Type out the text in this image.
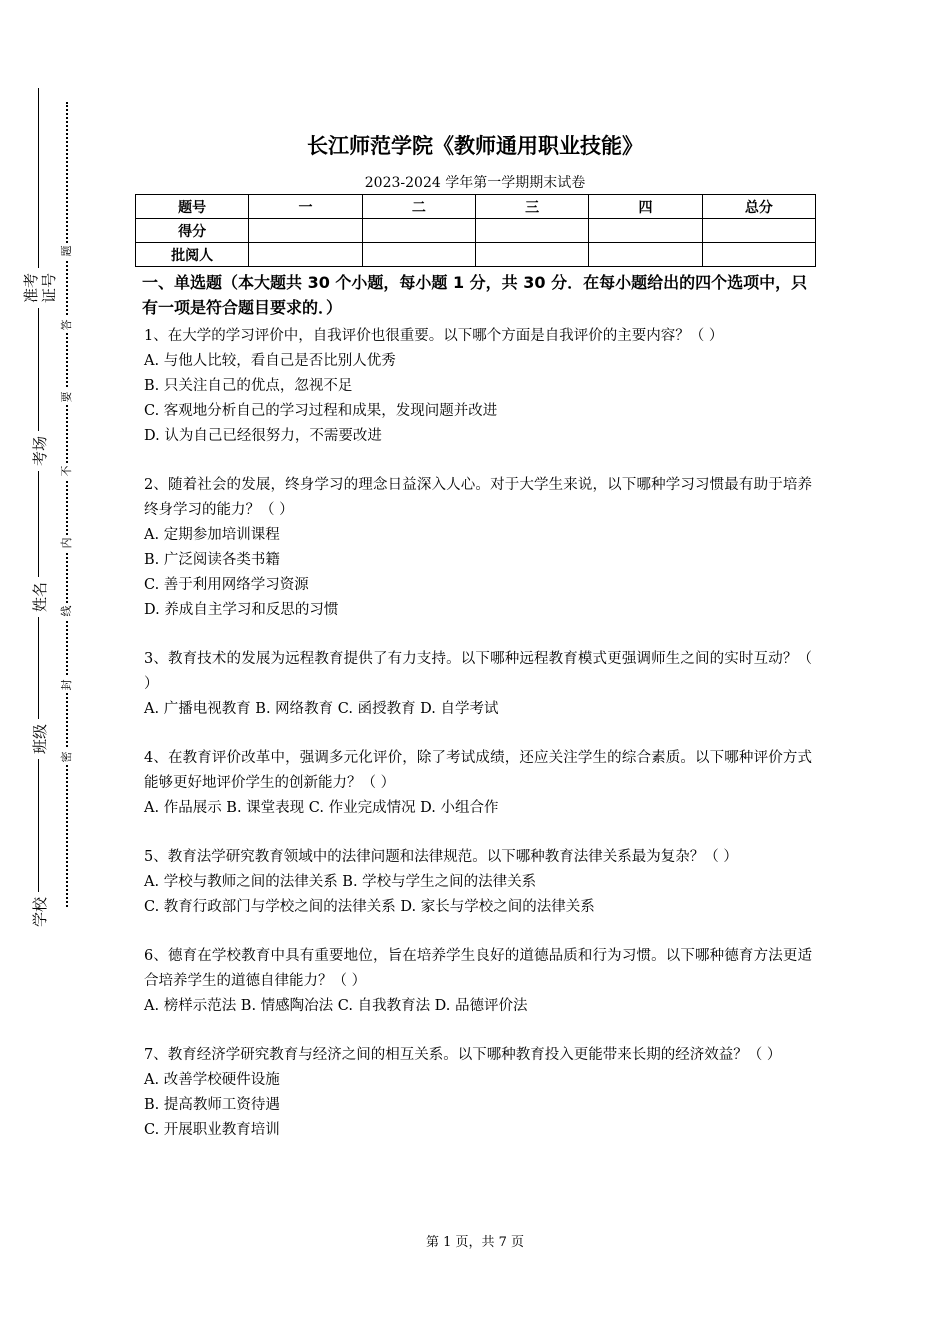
准考证号
考场
姓名
班级
学校
题
答
要
不
内
线
封
密
长江师范学院《教师通用职业技能》
2023-2024 学年第一学期期末试卷
题号	一	二	三	四	总分
得分					
批阅人					
一、单选题（本大题共 30 个小题，每小题 1 分，共 30 分．在每小题给出的四个选项中，只有一项是符合题目要求的．）
1、在大学的学习评价中，自我评价也很重要。以下哪个方面是自我评价的主要内容？（ ）
A. 与他人比较，看自己是否比别人优秀
B. 只关注自己的优点，忽视不足
C. 客观地分析自己的学习过程和成果，发现问题并改进
D. 认为自己已经很努力，不需要改进
2、随着社会的发展，终身学习的理念日益深入人心。对于大学生来说，以下哪种学习习惯最有助于培养终身学习的能力？（ ）
A. 定期参加培训课程
B. 广泛阅读各类书籍
C. 善于利用网络学习资源
D. 养成自主学习和反思的习惯
3、教育技术的发展为远程教育提供了有力支持。以下哪种远程教育模式更强调师生之间的实时互动？（ ）
A. 广播电视教育 B. 网络教育 C. 函授教育 D. 自学考试
4、在教育评价改革中，强调多元化评价，除了考试成绩，还应关注学生的综合素质。以下哪种评价方式能够更好地评价学生的创新能力？（ ）
A. 作品展示 B. 课堂表现 C. 作业完成情况 D. 小组合作
5、教育法学研究教育领域中的法律问题和法律规范。以下哪种教育法律关系最为复杂？（ ）
A. 学校与教师之间的法律关系 B. 学校与学生之间的法律关系
C. 教育行政部门与学校之间的法律关系 D. 家长与学校之间的法律关系
6、德育在学校教育中具有重要地位，旨在培养学生良好的道德品质和行为习惯。以下哪种德育方法更适合培养学生的道德自律能力？（ ）
A. 榜样示范法 B. 情感陶冶法 C. 自我教育法 D. 品德评价法
7、教育经济学研究教育与经济之间的相互关系。以下哪种教育投入更能带来长期的经济效益？（ ）
A. 改善学校硬件设施
B. 提高教师工资待遇
C. 开展职业教育培训
第 1 页，共 7 页
